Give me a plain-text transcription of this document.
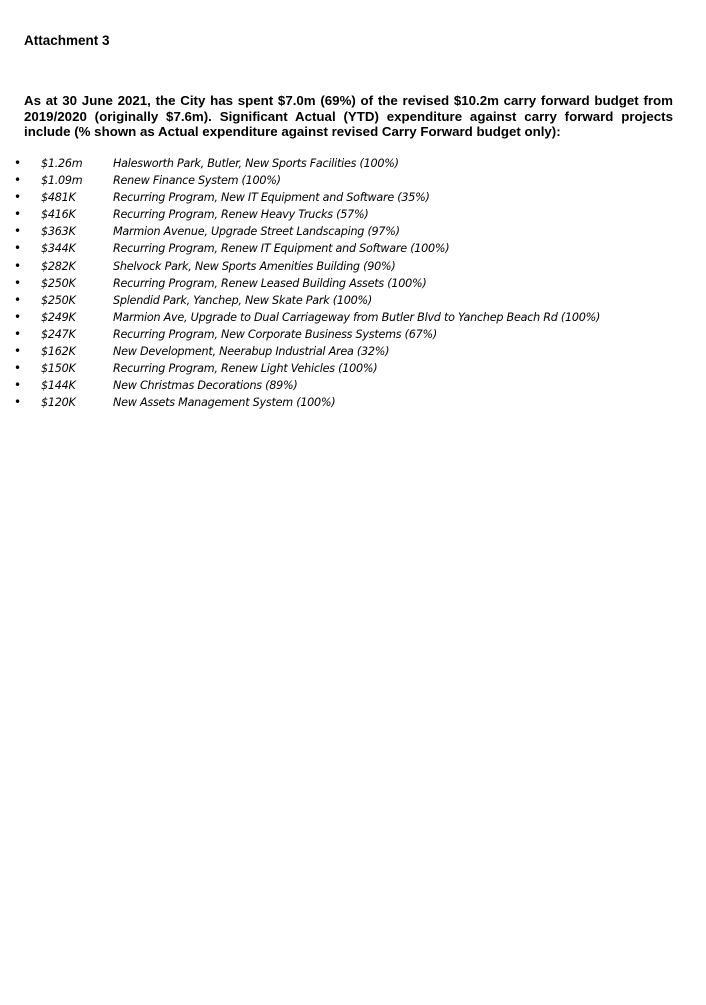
Attachment 3

As at 30 June 2021, the City has spent $7.0m (69%) of the revised $10.2m carry forward budget from 2019/2020 (originally $7.6m). Significant Actual (YTD) expenditure against carry forward projects include (% shown as Actual expenditure against revised Carry Forward budget only):

• $1.26m	Halesworth Park, Butler, New Sports Facilities (100%)
• $1.09m	Renew Finance System (100%)
• $481K	Recurring Program, New IT Equipment and Software (35%)
• $416K	Recurring Program, Renew Heavy Trucks (57%)
• $363K	Marmion Avenue, Upgrade Street Landscaping (97%)
• $344K	Recurring Program, Renew IT Equipment and Software (100%)
• $282K	Shelvock Park, New Sports Amenities Building (90%)
• $250K	Recurring Program, Renew Leased Building Assets (100%)
• $250K	Splendid Park, Yanchep, New Skate Park (100%)
• $249K	Marmion Ave, Upgrade to Dual Carriageway from Butler Blvd to Yanchep Beach Rd (100%)
• $247K	Recurring Program, New Corporate Business Systems (67%)
• $162K	New Development, Neerabup Industrial Area (32%)
• $150K	Recurring Program, Renew Light Vehicles (100%)
• $144K	New Christmas Decorations (89%)
• $120K	New Assets Management System (100%)
